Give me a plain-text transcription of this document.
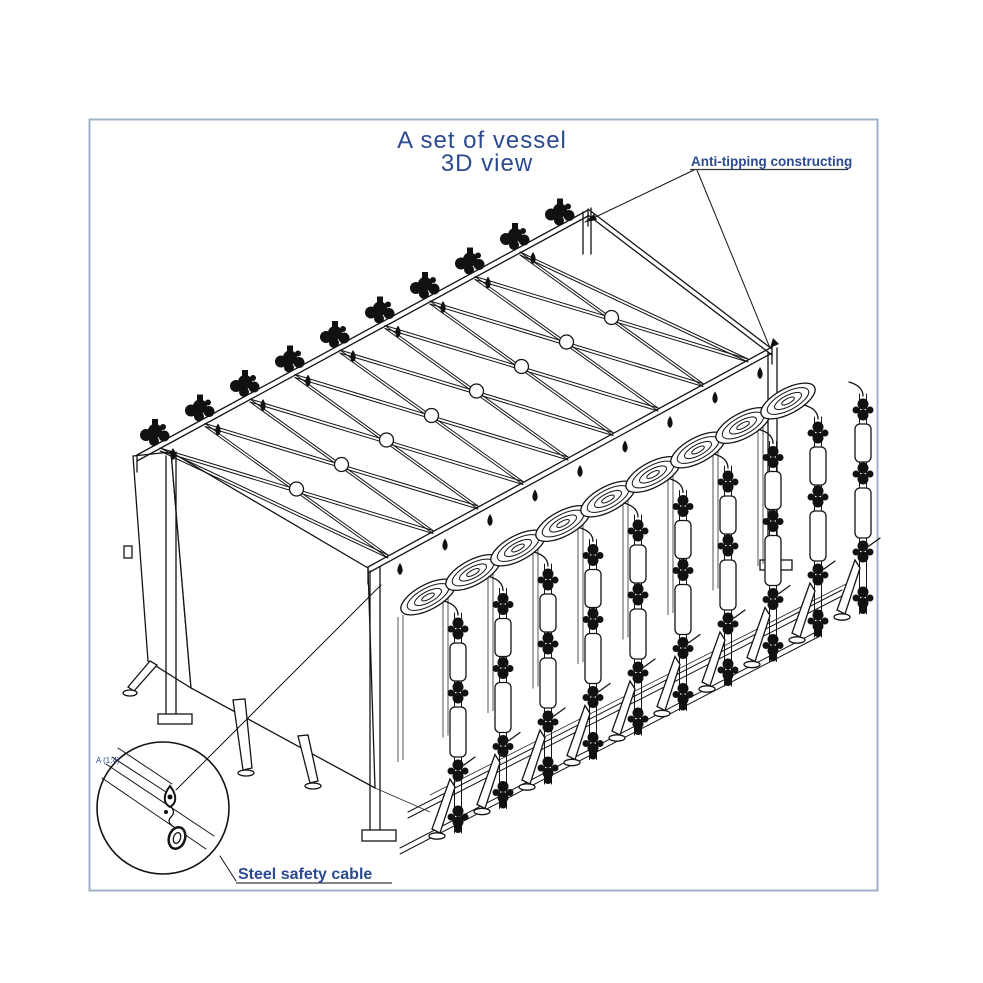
A set of vessel
3D view
A (1:4)
Anti-tipping constructing
Steel safety cable
